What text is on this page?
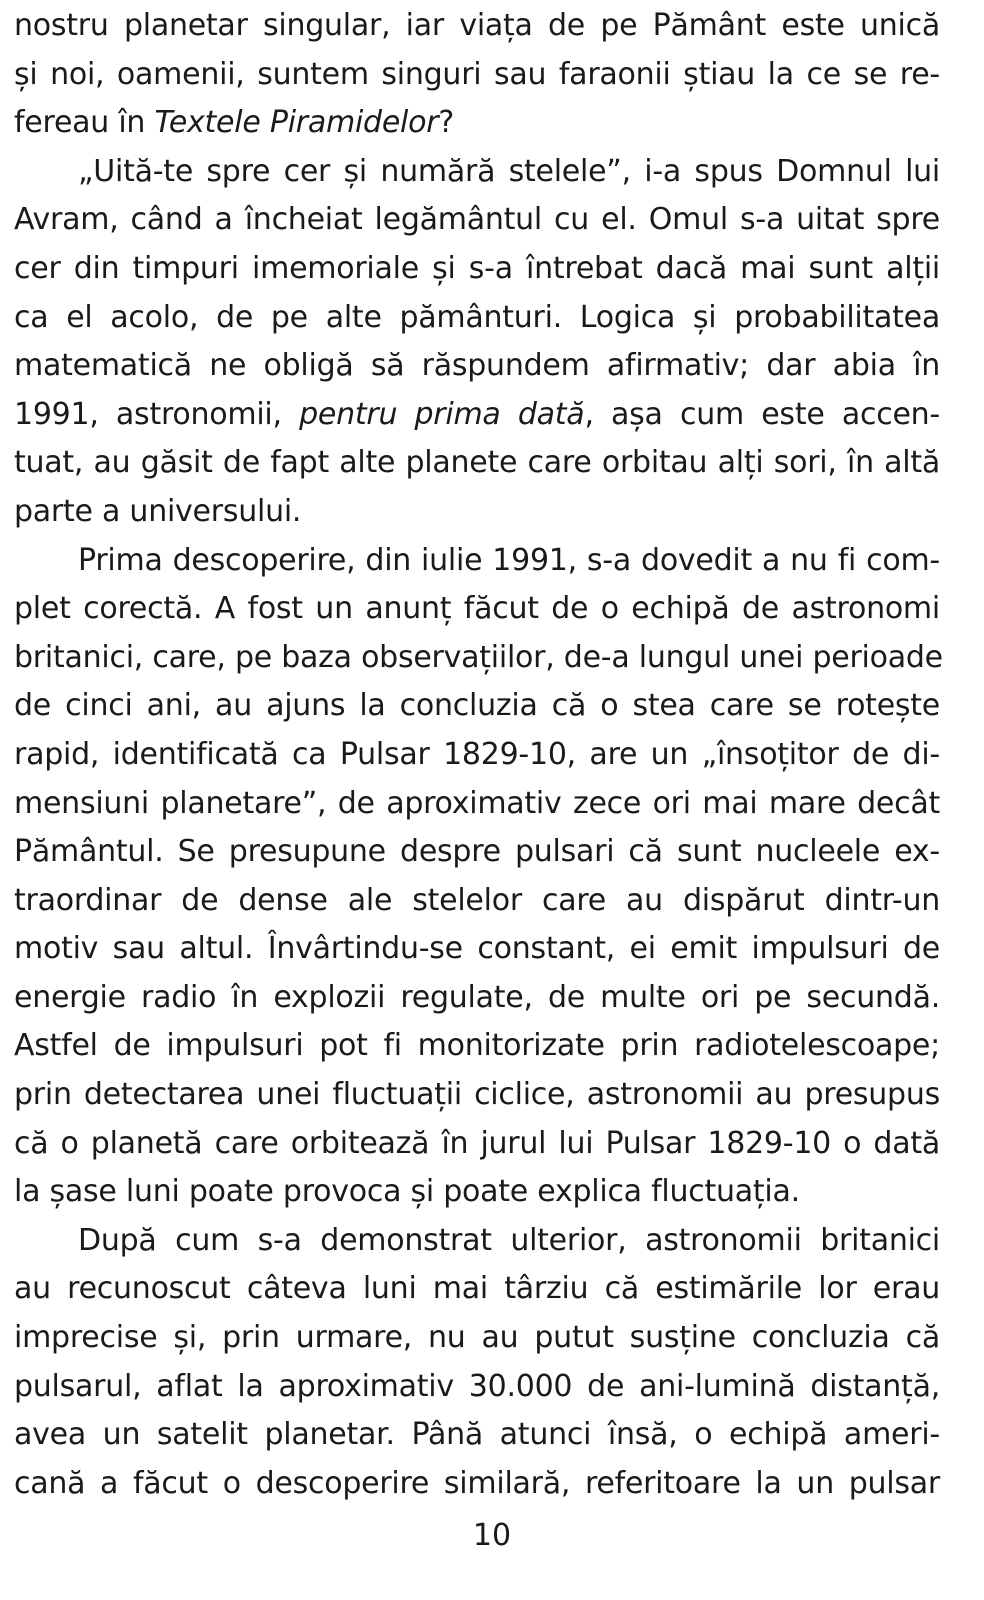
nostru planetar singular, iar viața de pe Pământ este unică
și noi, oamenii, suntem singuri sau faraonii știau la ce se re-
fereau în Textele Piramidelor?
„Uită-te spre cer și numără stelele”, i-a spus Domnul lui
Avram, când a încheiat legământul cu el. Omul s-a uitat spre
cer din timpuri imemoriale și s-a întrebat dacă mai sunt alții
ca el acolo, de pe alte pământuri. Logica și probabilitatea
matematică ne obligă să răspundem afirmativ; dar abia în
1991, astronomii, pentru prima dată, așa cum este accen-
tuat, au găsit de fapt alte planete care orbitau alți sori, în altă
parte a universului.
Prima descoperire, din iulie 1991, s-a dovedit a nu fi com-
plet corectă. A fost un anunț făcut de o echipă de astronomi
britanici, care, pe baza observațiilor, de-a lungul unei perioade
de cinci ani, au ajuns la concluzia că o stea care se rotește
rapid, identificată ca Pulsar 1829-10, are un „însoțitor de di-
mensiuni planetare”, de aproximativ zece ori mai mare decât
Pământul. Se presupune despre pulsari că sunt nucleele ex-
traordinar de dense ale stelelor care au dispărut dintr-un
motiv sau altul. Învârtindu-se constant, ei emit impulsuri de
energie radio în explozii regulate, de multe ori pe secundă.
Astfel de impulsuri pot fi monitorizate prin radiotelescoape;
prin detectarea unei fluctuații ciclice, astronomii au presupus
că o planetă care orbitează în jurul lui Pulsar 1829-10 o dată
la șase luni poate provoca și poate explica fluctuația.
După cum s-a demonstrat ulterior, astronomii britanici
au recunoscut câteva luni mai târziu că estimările lor erau
imprecise și, prin urmare, nu au putut susține concluzia că
pulsarul, aflat la aproximativ 30.000 de ani-lumină distanță,
avea un satelit planetar. Până atunci însă, o echipă ameri-
cană a făcut o descoperire similară, referitoare la un pulsar
10
